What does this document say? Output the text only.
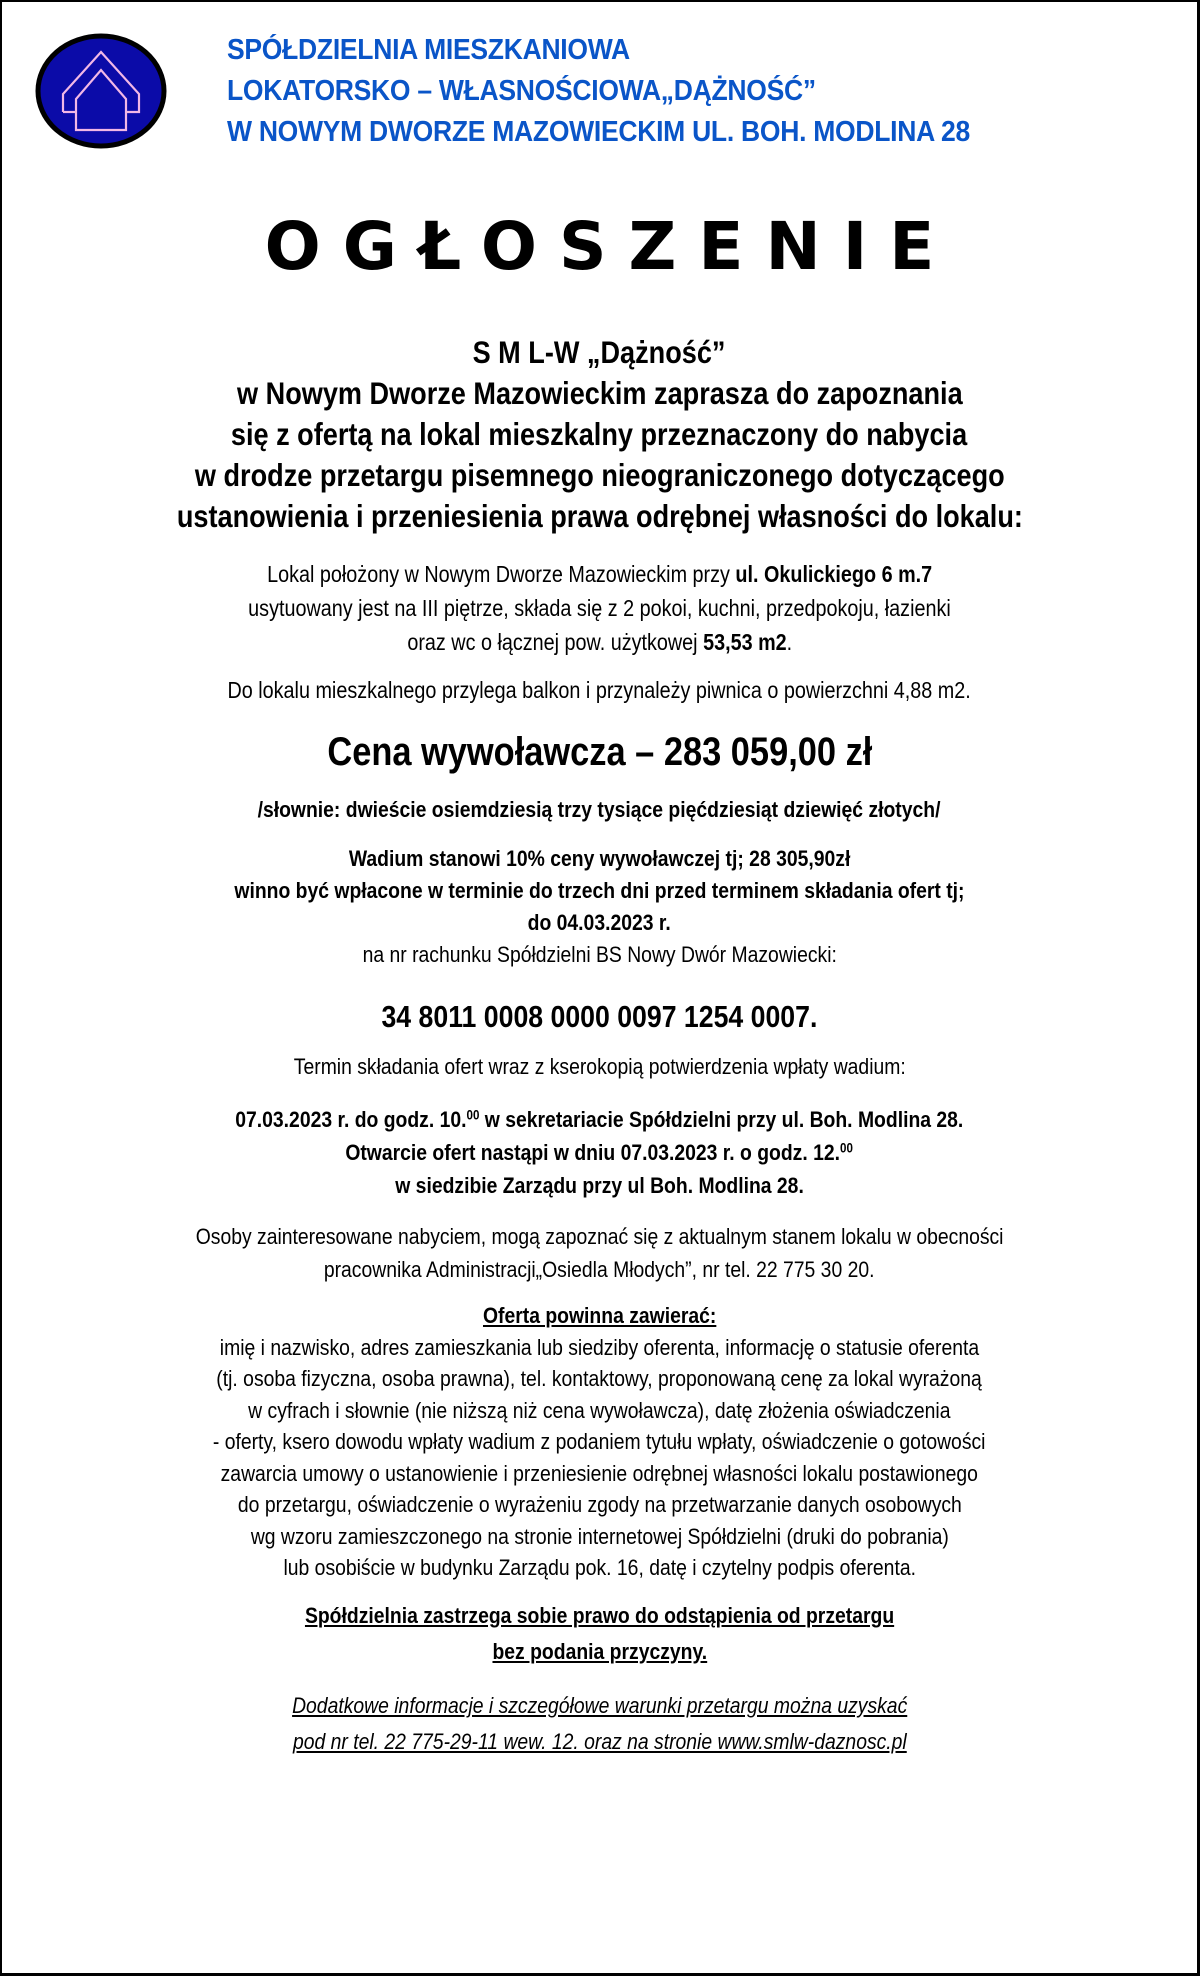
SPÓŁDZIELNIA MIESZKANIOWA
LOKATORSKO – WŁASNOŚCIOWA„DĄŻNOŚĆ”
W NOWYM DWORZE MAZOWIECKIM UL. BOH. MODLINA 28
OGŁOSZENIE
S M L-W „Dążność”
w Nowym Dworze Mazowieckim zaprasza do zapoznania
się z ofertą na lokal mieszkalny przeznaczony do nabycia
w drodze przetargu pisemnego nieograniczonego dotyczącego
ustanowienia i przeniesienia prawa odrębnej własności do lokalu:
Lokal położony w Nowym Dworze Mazowieckim przy ul. Okulickiego 6 m.7
usytuowany jest na III piętrze, składa się z 2 pokoi, kuchni, przedpokoju, łazienki
oraz wc o łącznej pow. użytkowej 53,53 m2.
Do lokalu mieszkalnego przylega balkon i przynależy piwnica o powierzchni 4,88 m2.
Cena wywoławcza – 283 059,00 zł
/słownie: dwieście osiemdziesią trzy tysiące pięćdziesiąt dziewięć złotych/
Wadium stanowi 10% ceny wywoławczej tj; 28 305,90zł
winno być wpłacone w terminie do trzech dni przed terminem składania ofert tj;
do 04.03.2023 r.
na nr rachunku Spółdzielni BS Nowy Dwór Mazowiecki:
34 8011 0008 0000 0097 1254 0007.
Termin składania ofert wraz z kserokopią potwierdzenia wpłaty wadium:
07.03.2023 r. do godz. 10.00 w sekretariacie Spółdzielni przy ul. Boh. Modlina 28.
Otwarcie ofert nastąpi w dniu 07.03.2023 r. o godz. 12.00
w siedzibie Zarządu przy ul Boh. Modlina 28.
Osoby zainteresowane nabyciem, mogą zapoznać się z aktualnym stanem lokalu w obecności
pracownika Administracji„Osiedla Młodych”, nr tel. 22 775 30 20.
Oferta powinna zawierać:
imię i nazwisko, adres zamieszkania lub siedziby oferenta, informację o statusie oferenta
(tj. osoba fizyczna, osoba prawna), tel. kontaktowy, proponowaną cenę za lokal wyrażoną
w cyfrach i słownie (nie niższą niż cena wywoławcza), datę złożenia oświadczenia
- oferty, ksero dowodu wpłaty wadium z podaniem tytułu wpłaty, oświadczenie o gotowości
zawarcia umowy o ustanowienie i przeniesienie odrębnej własności lokalu postawionego
do przetargu, oświadczenie o wyrażeniu zgody na przetwarzanie danych osobowych
wg wzoru zamieszczonego na stronie internetowej Spółdzielni (druki do pobrania)
lub osobiście w budynku Zarządu pok. 16, datę i czytelny podpis oferenta.
Spółdzielnia zastrzega sobie prawo do odstąpienia od przetargu
bez podania przyczyny.
Dodatkowe informacje i szczegółowe warunki przetargu można uzyskać
pod nr tel. 22 775-29-11 wew. 12. oraz na stronie www.smlw-daznosc.pl
